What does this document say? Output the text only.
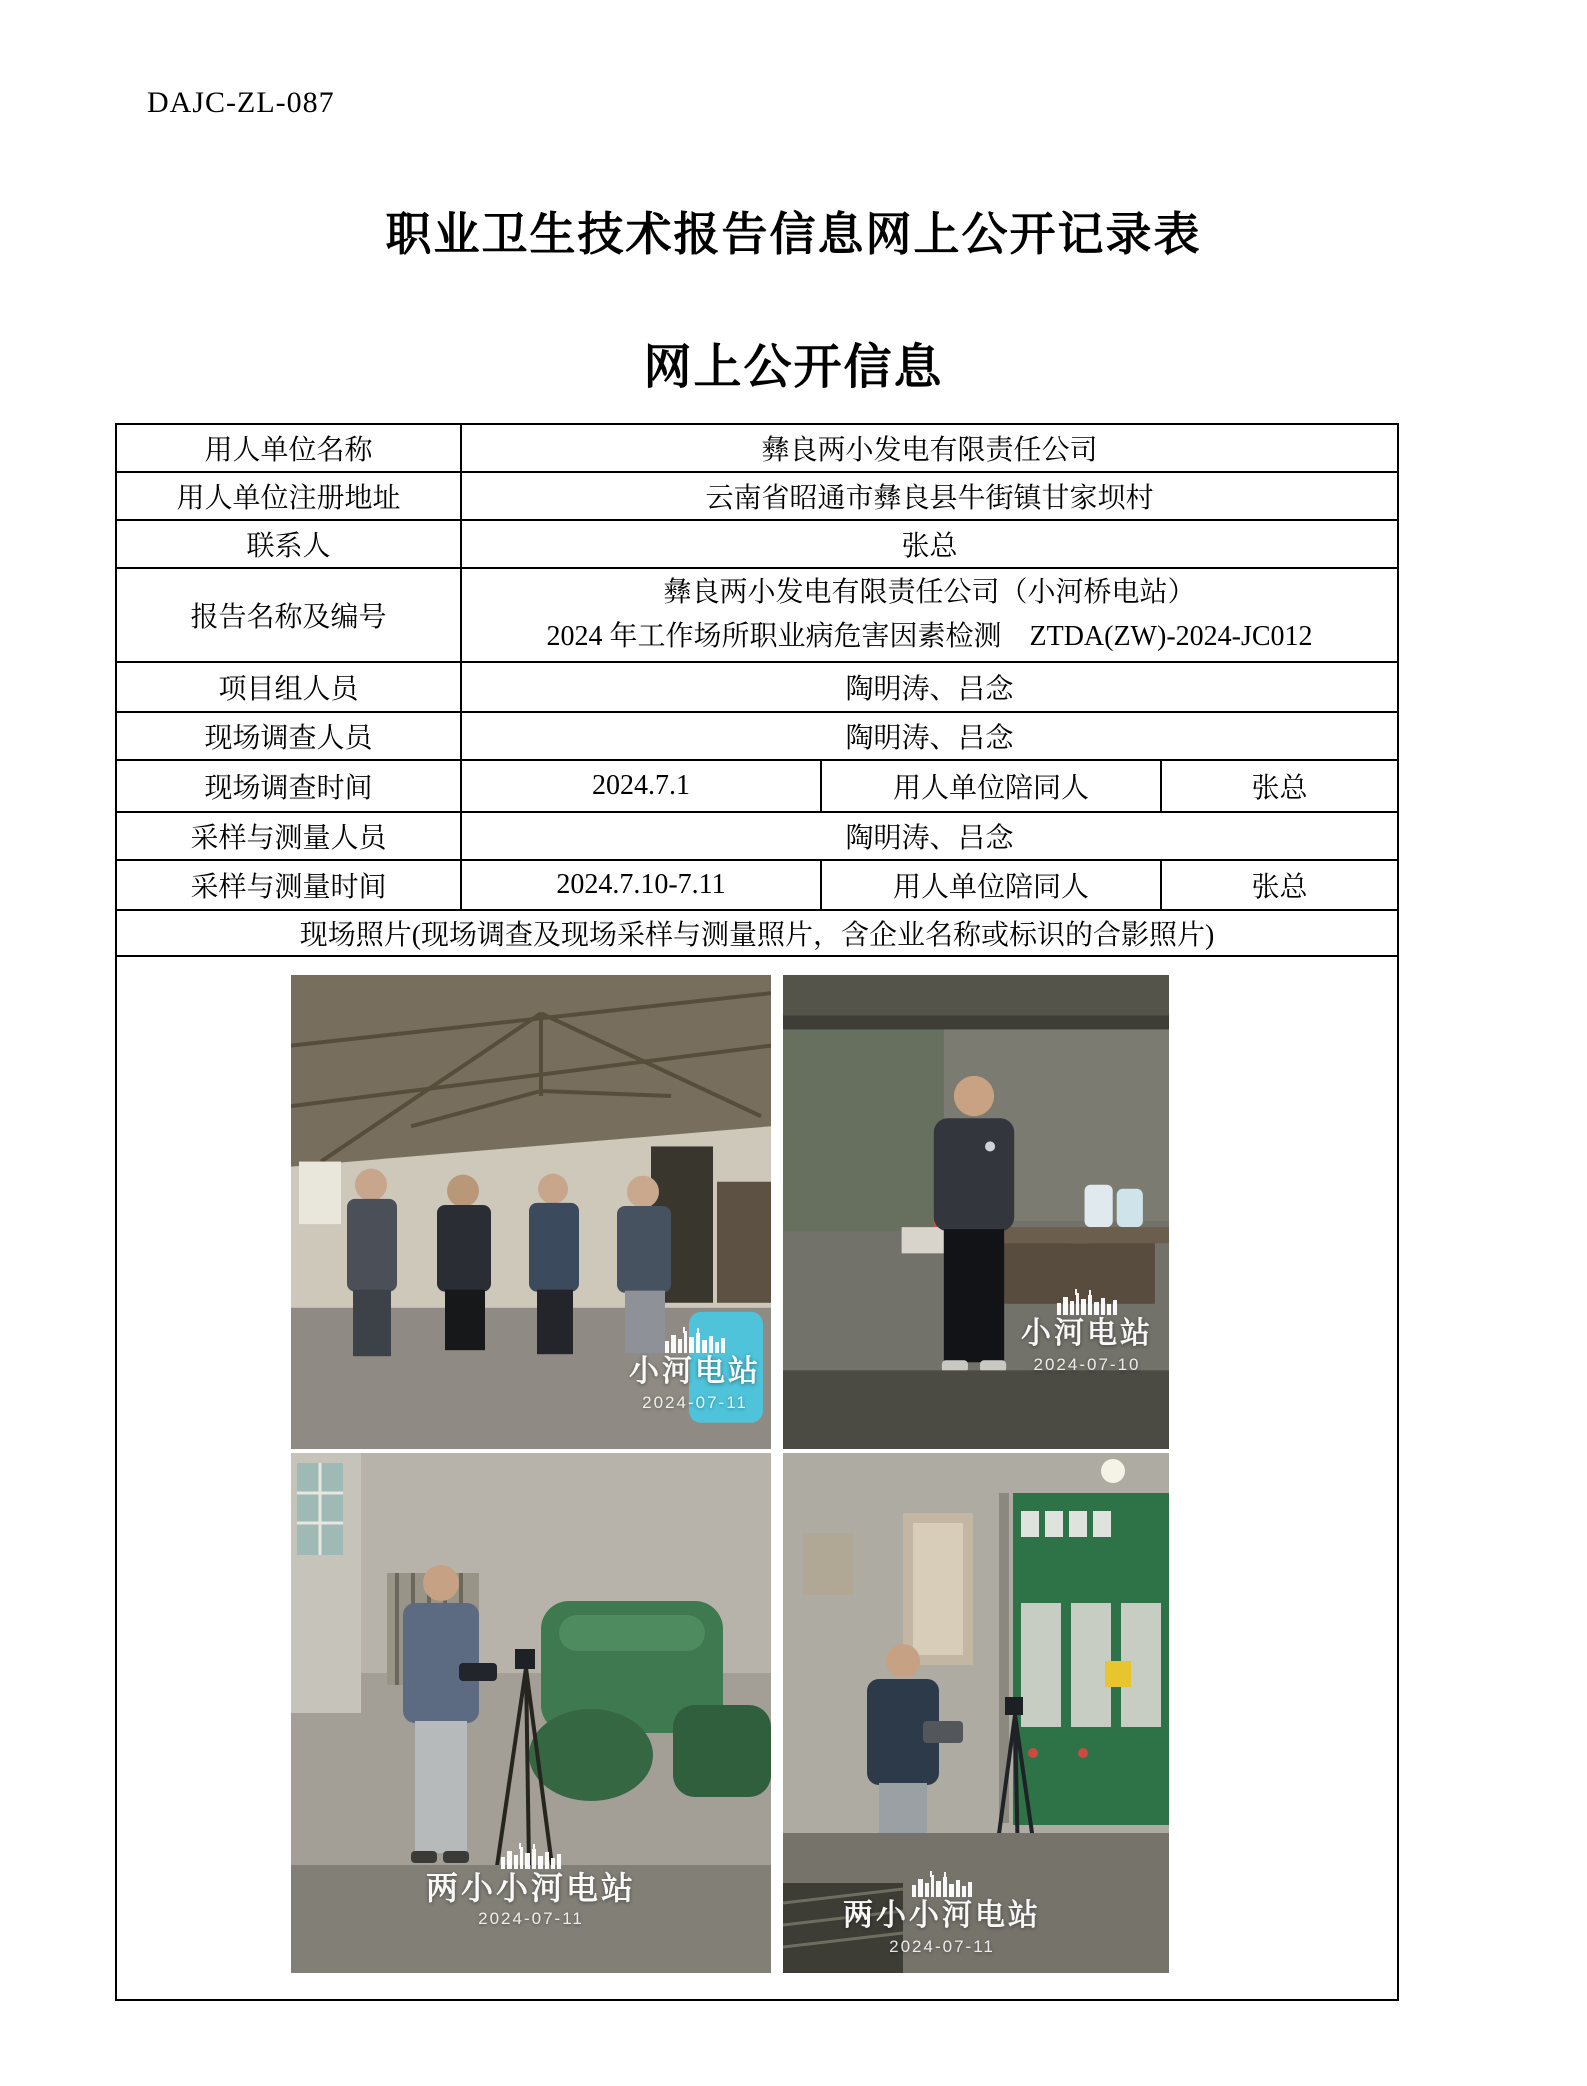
DAJC-ZL-087
职业卫生技术报告信息网上公开记录表
网上公开信息
用人单位名称	彝良两小发电有限责任公司		
用人单位注册地址	云南省昭通市彝良县牛街镇甘家坝村		
联系人	张总		
报告名称及编号	彝良两小发电有限责任公司（小河桥电站）
2024 年工作场所职业病危害因素检测　ZTDA(ZW)-2024-JC012		

项目组人员	陶明涛、吕念		
现场调查人员	陶明涛、吕念		
现场调查时间	2024.7.1	用人单位陪同人	张总
采样与测量人员	陶明涛、吕念		
采样与测量时间	2024.7.10-7.11	用人单位陪同人	张总
现场照片(现场调查及现场采样与测量照片，含企业名称或标识的合影照片)			

小河电站
2024-07-11
小河电站
2024-07-10
两小小河电站
2024-07-11	两小小河电站
2024-07-11
